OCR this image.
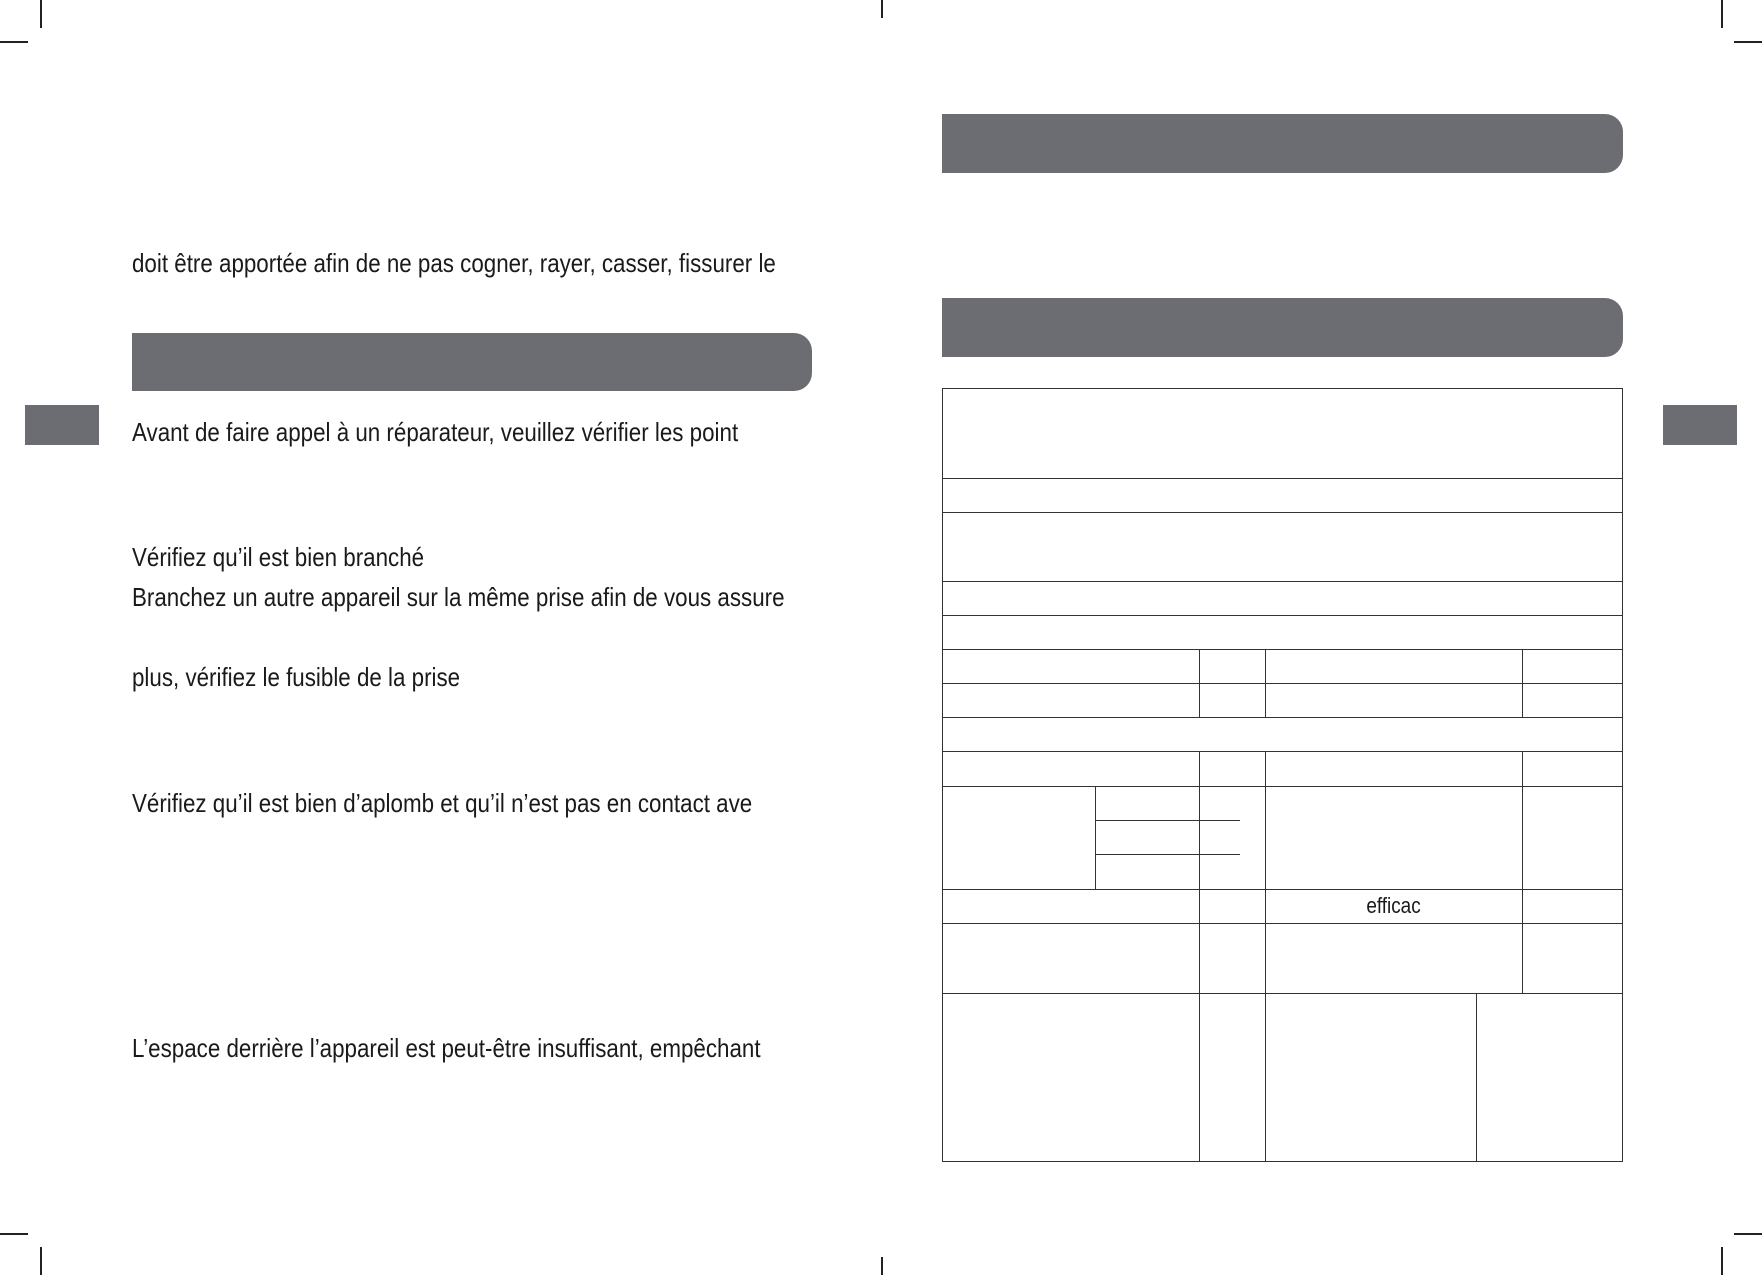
doit être apportée afin de ne pas cogner, rayer, casser, fissurer le
Avant de faire appel à un réparateur, veuillez vérifier les point
Vérifiez qu’il est bien branché
Branchez un autre appareil sur la même prise afin de vous assure
plus, vérifiez le fusible de la prise
Vérifiez qu’il est bien d’aplomb et qu’il n’est pas en contact ave
L’espace derrière l’appareil est peut-être insuffisant, empêchant
efficac
